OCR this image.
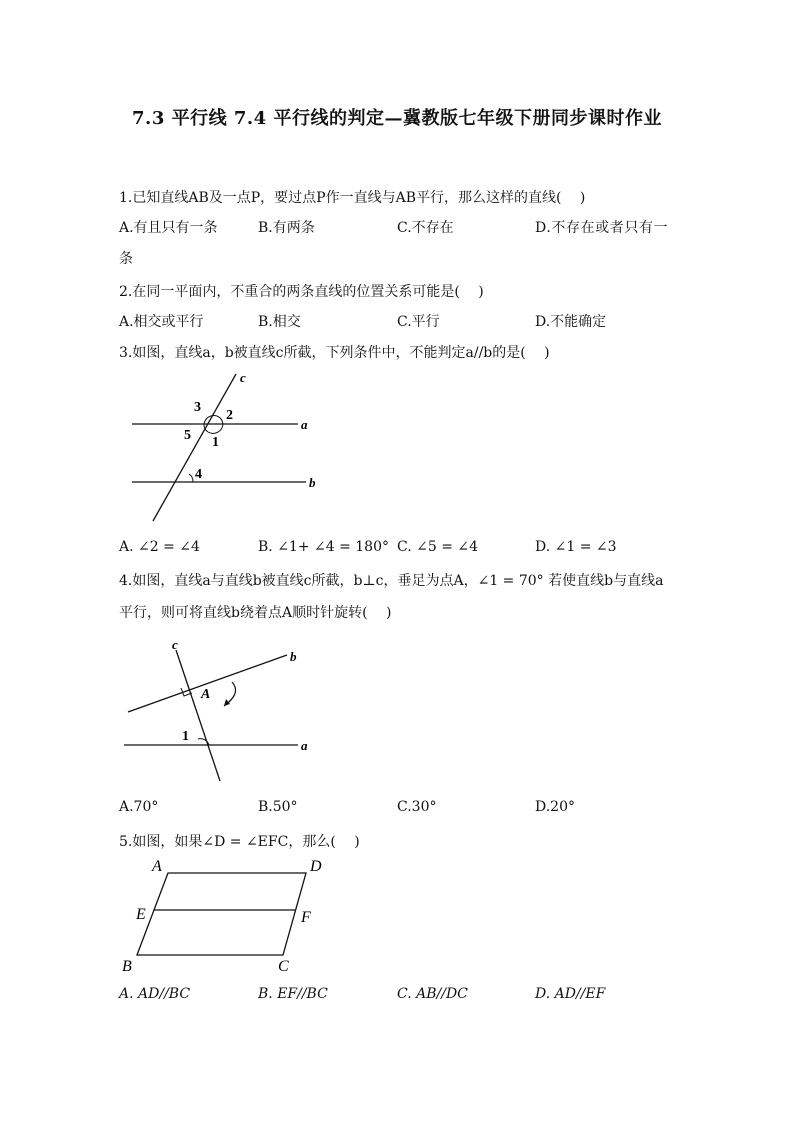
7.3 平行线 7.4 平行线的判定—冀教版七年级下册同步课时作业
1.已知直线AB及一点P，要过点P作一直线与AB平行，那么这样的直线(　 )
A.有且只有一条	B.有两条	C.不存在	D.不存在或者只有一
条
2.在同一平面内，不重合的两条直线的位置关系可能是(　 )
A.相交或平行	B.相交	C.平行	D.不能确定
3.如图，直线a，b被直线c所截，下列条件中，不能判定a//b的是(　 )
c
a
b
3
2
5 1
4
A. ∠2 = ∠4	B. ∠1+ ∠4 = 180° C. ∠5 = ∠4	D. ∠1 = ∠3
4.如图，直线a与直线b被直线c所截，b⊥c，垂足为点A，∠1 = 70° 若使直线b与直线a
平行，则可将直线b绕着点A顺时针旋转(　 )
c
b
a
A
1
A.70°	B.50°	C.30°	D.20°
5.如图，如果∠D = ∠EFC，那么(　 )
A	D
E	F
B	C
A. AD//BC	B. EF//BC	C. AB//DC	D. AD//EF
